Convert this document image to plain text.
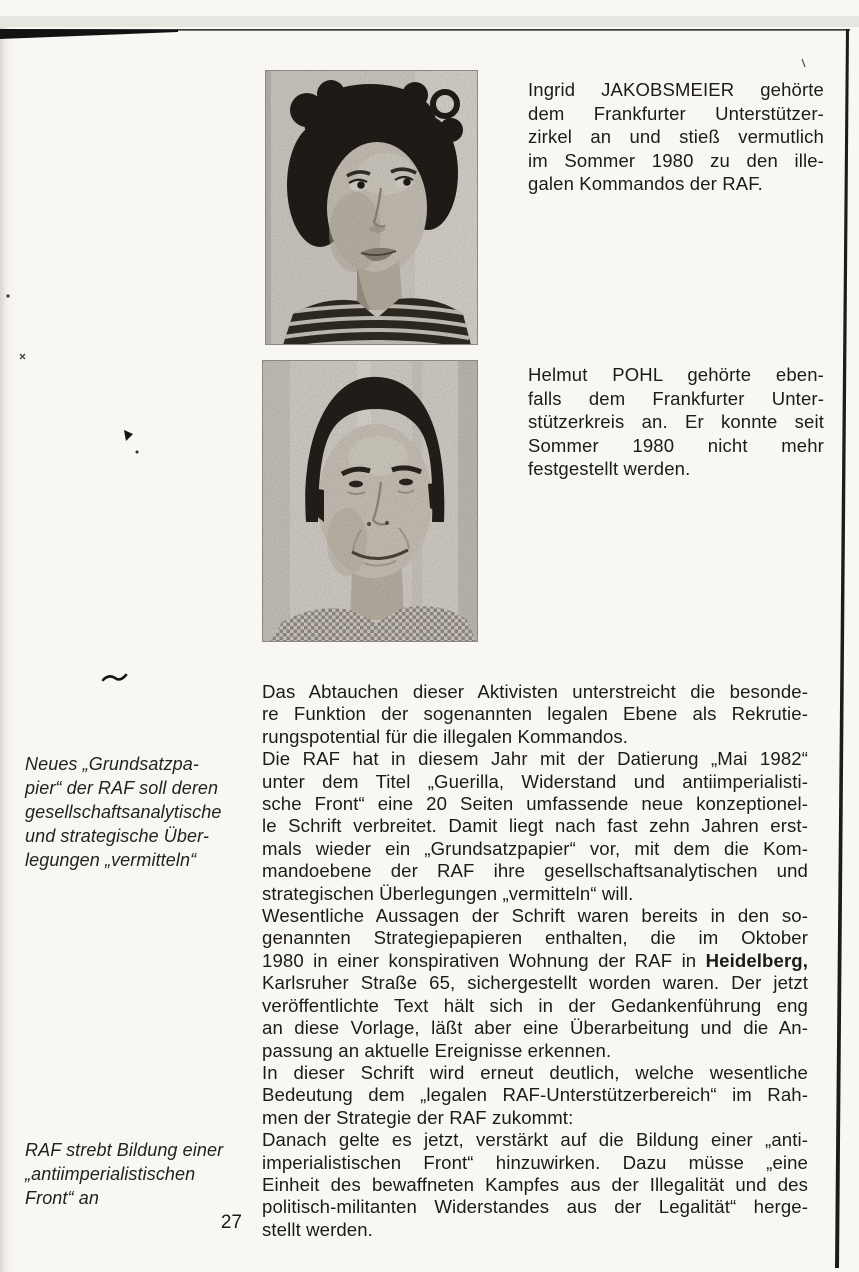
Ingrid JAKOBSMEIER gehörte
dem Frankfurter Unterstützer-
zirkel an und stieß vermutlich
im Sommer 1980 zu den ille-
galen Kommandos der RAF.
Helmut POHL gehörte eben-
falls dem Frankfurter Unter-
stützerkreis an. Er konnte seit
Sommer 1980 nicht mehr
festgestellt werden.
Das Abtauchen dieser Aktivisten unterstreicht die besonde-
re Funktion der sogenannten legalen Ebene als Rekrutie-
rungspotential für die illegalen Kommandos.
Die RAF hat in diesem Jahr mit der Datierung „Mai 1982“
unter dem Titel „Guerilla, Widerstand und antiimperialisti-
sche Front“ eine 20 Seiten umfassende neue konzeptionel-
le Schrift verbreitet. Damit liegt nach fast zehn Jahren erst-
mals wieder ein „Grundsatzpapier“ vor, mit dem die Kom-
mandoebene der RAF ihre gesellschaftsanalytischen und
strategischen Überlegungen „vermitteln“ will.
Wesentliche Aussagen der Schrift waren bereits in den so-
genannten Strategiepapieren enthalten, die im Oktober
1980 in einer konspirativen Wohnung der RAF in Heidelberg,
Karlsruher Straße 65, sichergestellt worden waren. Der jetzt
veröffentlichte Text hält sich in der Gedankenführung eng
an diese Vorlage, läßt aber eine Überarbeitung und die An-
passung an aktuelle Ereignisse erkennen.
In dieser Schrift wird erneut deutlich, welche wesentliche
Bedeutung dem „legalen RAF-Unterstützerbereich“ im Rah-
men der Strategie der RAF zukommt:
Danach gelte es jetzt, verstärkt auf die Bildung einer „anti-
imperialistischen Front“ hinzuwirken. Dazu müsse „eine
Einheit des bewaffneten Kampfes aus der Illegalität und des
politisch-militanten Widerstandes aus der Legalität“ herge-
stellt werden.
Neues „Grundsatzpa-
pier“ der RAF soll deren
gesellschaftsanalytische
und strategische Über-
legungen „vermitteln“
RAF strebt Bildung einer
„antiimperialistischen
Front“ an
27
